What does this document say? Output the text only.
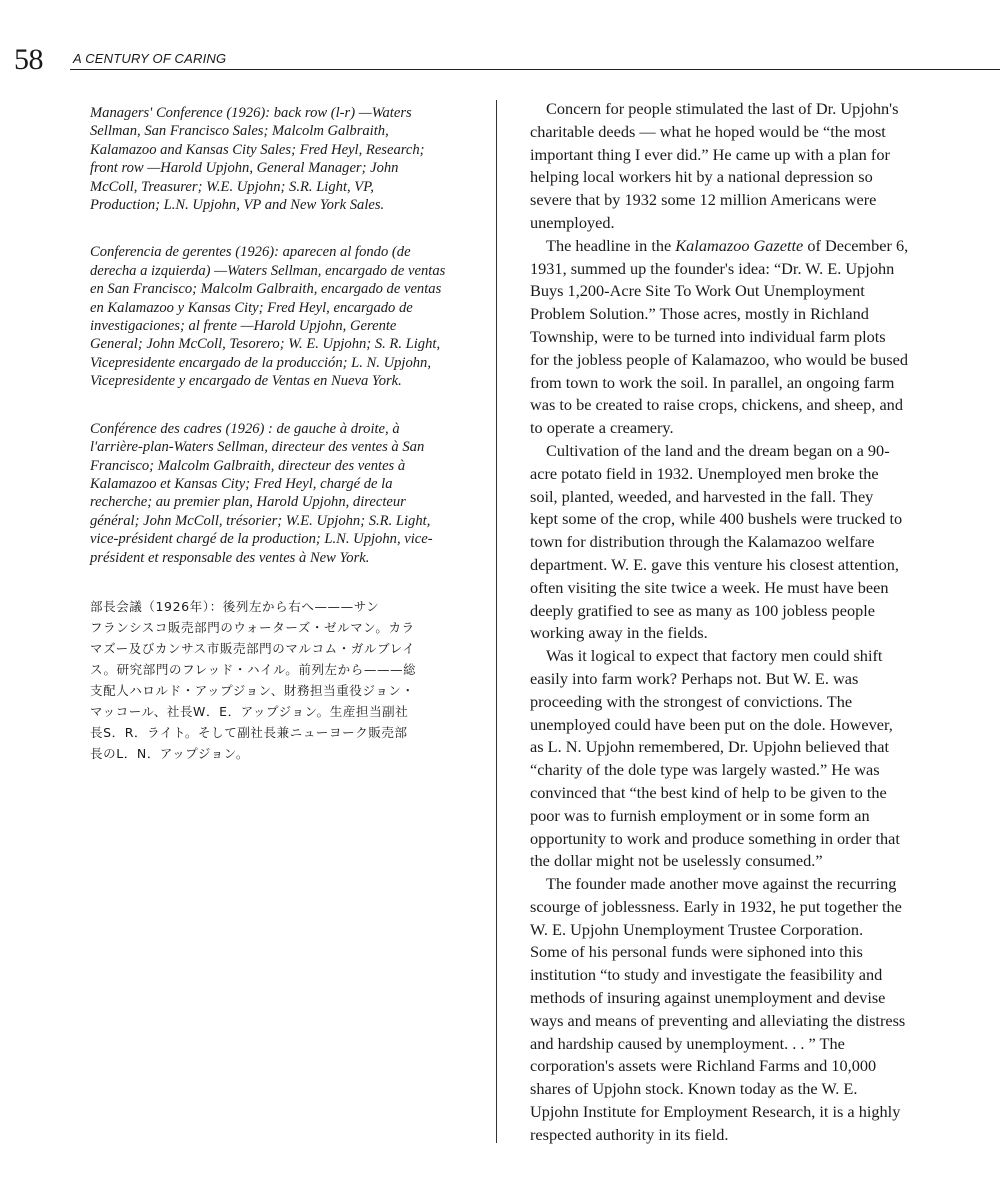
58 A CENTURY OF CARING

Managers' Conference (1926): back row (l-r) —Waters
Sellman, San Francisco Sales; Malcolm Galbraith,
Kalamazoo and Kansas City Sales; Fred Heyl, Research;
front row —Harold Upjohn, General Manager; John
McColl, Treasurer; W.E. Upjohn; S.R. Light, VP,
Production; L.N. Upjohn, VP and New York Sales.

Conferencia de gerentes (1926): aparecen al fondo (de
derecha a izquierda) —Waters Sellman, encargado de ventas
en San Francisco; Malcolm Galbraith, encargado de ventas
en Kalamazoo y Kansas City; Fred Heyl, encargado de
investigaciones; al frente —Harold Upjohn, Gerente
General; John McColl, Tesorero; W. E. Upjohn; S. R. Light,
Vicepresidente encargado de la producción; L. N. Upjohn,
Vicepresidente y encargado de Ventas en Nueva York.

Conférence des cadres (1926) : de gauche à droite, à
l'arrière-plan-Waters Sellman, directeur des ventes à San
Francisco; Malcolm Galbraith, directeur des ventes à
Kalamazoo et Kansas City; Fred Heyl, chargé de la
recherche; au premier plan, Harold Upjohn, directeur
général; John McColl, trésorier; W.E. Upjohn; S.R. Light,
vice-président chargé de la production; L.N. Upjohn, vice-
président et responsable des ventes à New York.

部長会議（1926年）：後列左から右へ———サン
フランシスコ販売部門のウォーターズ・ゼルマン。カラ
マズー及びカンサス市販売部門のマルコム・ガルブレイ
ス。研究部門のフレッド・ハイル。前列左から———総
支配人ハロルド・アップジョン、財務担当重役ジョン・
マッコール、社長W．E．アップジョン。生産担当副社
長S．R．ライト。そして副社長兼ニューヨーク販売部
長のL．N．アップジョン。

Concern for people stimulated the last of Dr. Upjohn's
charitable deeds — what he hoped would be “the most
important thing I ever did.” He came up with a plan for
helping local workers hit by a national depression so
severe that by 1932 some 12 million Americans were
unemployed.

The headline in the Kalamazoo Gazette of December 6,
1931, summed up the founder's idea: “Dr. W. E. Upjohn
Buys 1,200-Acre Site To Work Out Unemployment
Problem Solution.” Those acres, mostly in Richland
Township, were to be turned into individual farm plots
for the jobless people of Kalamazoo, who would be bused
from town to work the soil. In parallel, an ongoing farm
was to be created to raise crops, chickens, and sheep, and
to operate a creamery.

Cultivation of the land and the dream began on a 90-
acre potato field in 1932. Unemployed men broke the
soil, planted, weeded, and harvested in the fall. They
kept some of the crop, while 400 bushels were trucked to
town for distribution through the Kalamazoo welfare
department. W. E. gave this venture his closest attention,
often visiting the site twice a week. He must have been
deeply gratified to see as many as 100 jobless people
working away in the fields.

Was it logical to expect that factory men could shift
easily into farm work? Perhaps not. But W. E. was
proceeding with the strongest of convictions. The
unemployed could have been put on the dole. However,
as L. N. Upjohn remembered, Dr. Upjohn believed that
“charity of the dole type was largely wasted.” He was
convinced that “the best kind of help to be given to the
poor was to furnish employment or in some form an
opportunity to work and produce something in order that
the dollar might not be uselessly consumed.”

The founder made another move against the recurring
scourge of joblessness. Early in 1932, he put together the
W. E. Upjohn Unemployment Trustee Corporation.
Some of his personal funds were siphoned into this
institution “to study and investigate the feasibility and
methods of insuring against unemployment and devise
ways and means of preventing and alleviating the distress
and hardship caused by unemployment. . . ” The
corporation's assets were Richland Farms and 10,000
shares of Upjohn stock. Known today as the W. E.
Upjohn Institute for Employment Research, it is a highly
respected authority in its field.
